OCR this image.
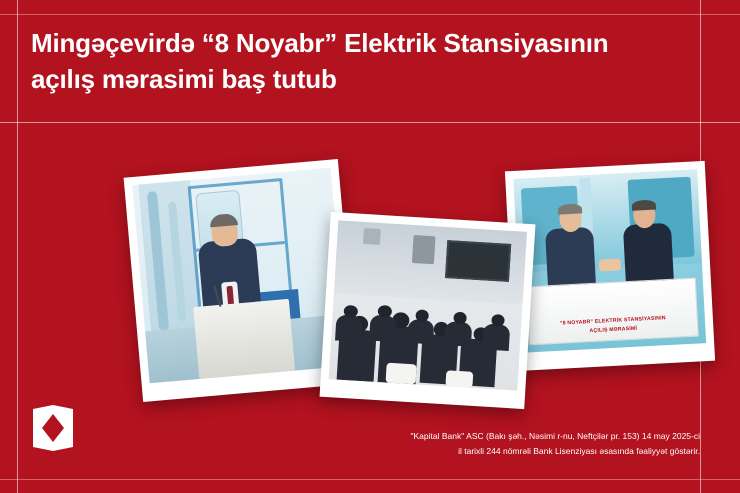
Mingəçevirdə “8 Noyabr” Elektrik Stansiyasının açılış mərasimi baş tutub
"8 NOYABR" ELEKTRİK STANSİYASININ
AÇILIŞ MƏRASİMİ
"Kapital Bank" ASC (Bakı şəh., Nəsimi r-nu, Neftçilər pr. 153) 14 may 2025-ci
il tarixli 244 nömrəli Bank Lisenziyası əsasında fəaliyyət göstərir.
